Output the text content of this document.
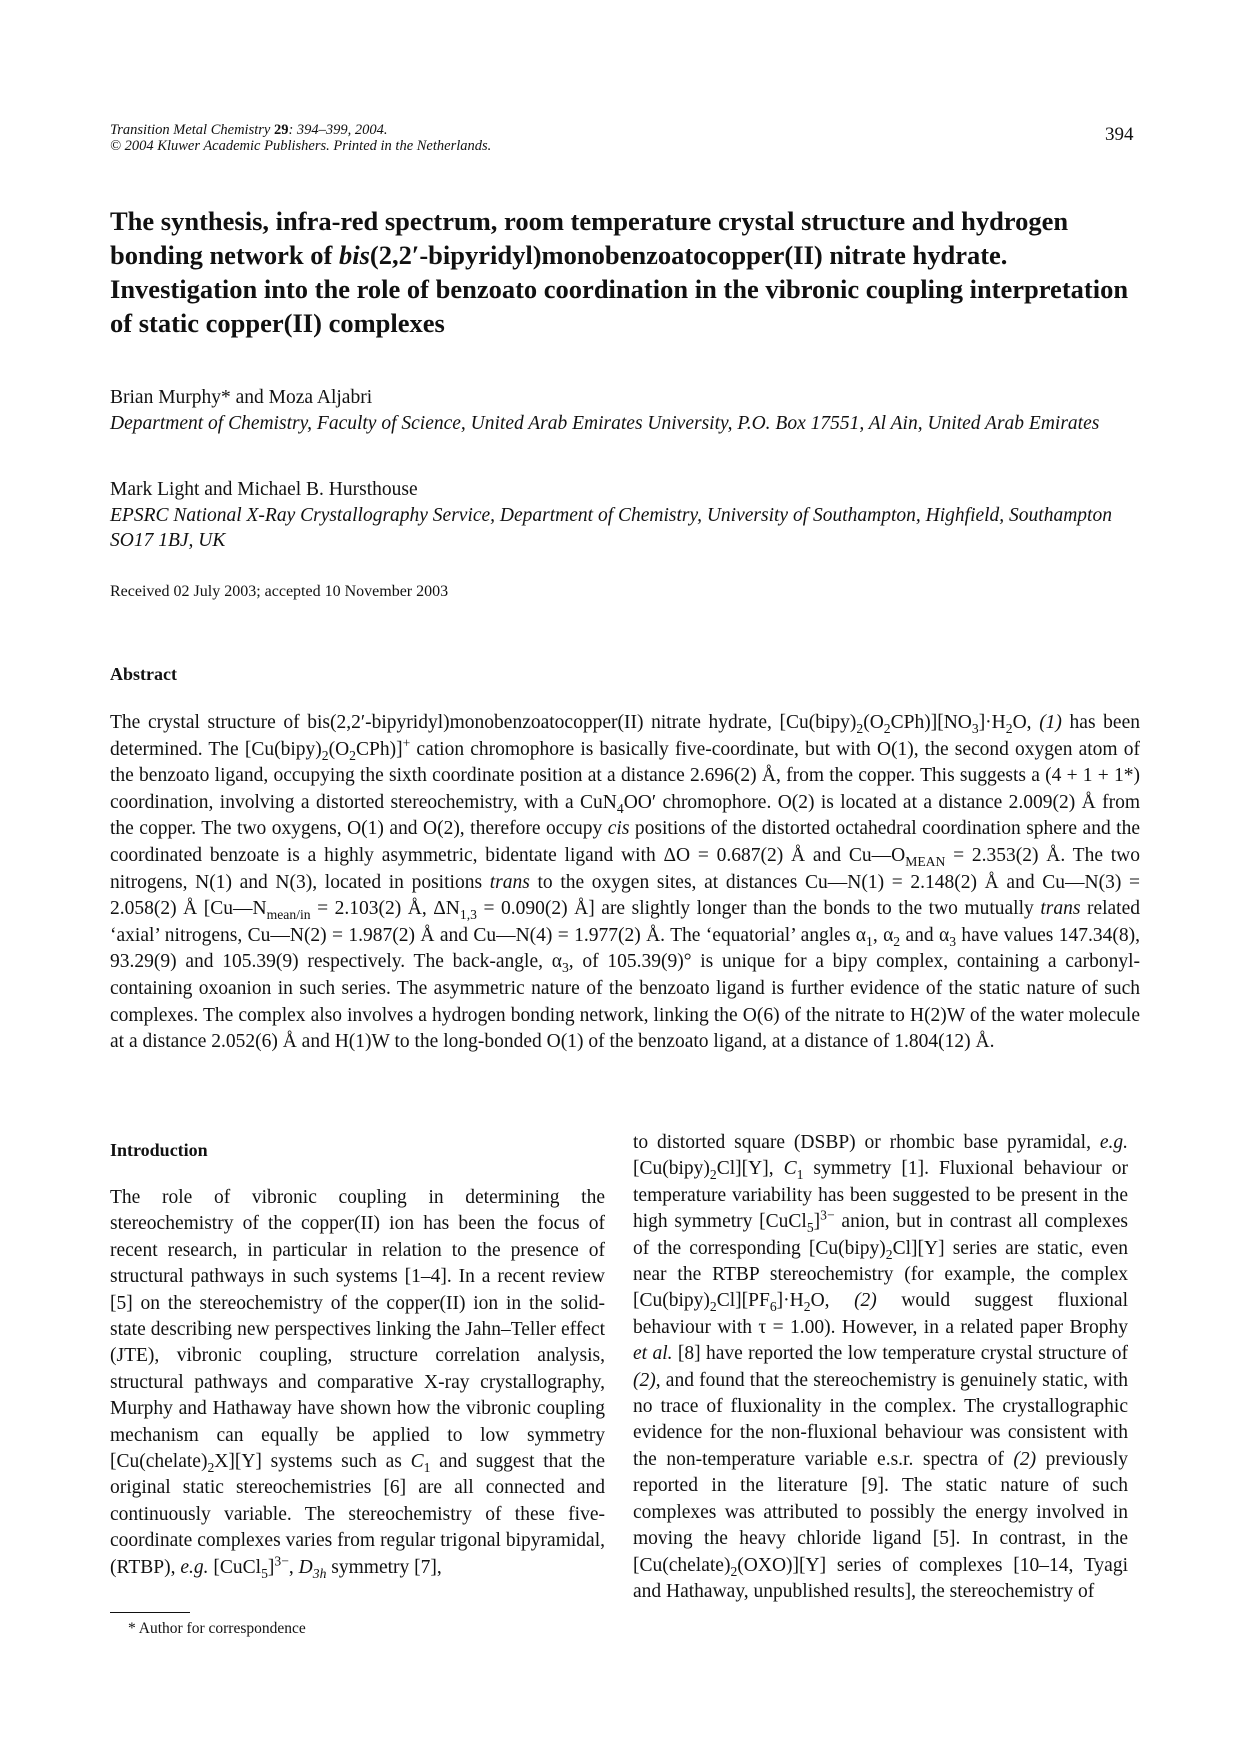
Transition Metal Chemistry 29: 394–399, 2004.
© 2004 Kluwer Academic Publishers. Printed in the Netherlands.
394
The synthesis, infra-red spectrum, room temperature crystal structure and hydrogen bonding network of bis(2,2′-bipyridyl)monobenzoatocopper(II) nitrate hydrate. Investigation into the role of benzoato coordination in the vibronic coupling interpretation of static copper(II) complexes
Brian Murphy* and Moza Aljabri
Department of Chemistry, Faculty of Science, United Arab Emirates University, P.O. Box 17551, Al Ain, United Arab Emirates
Mark Light and Michael B. Hursthouse
EPSRC National X-Ray Crystallography Service, Department of Chemistry, University of Southampton, Highfield, Southampton SO17 1BJ, UK
Received 02 July 2003; accepted 10 November 2003
Abstract
The crystal structure of bis(2,2′-bipyridyl)monobenzoatocopper(II) nitrate hydrate, $[Cu(bipy)_2(O_2CPh)][NO_3]\cdot H_2O$, (1) has been determined. The $[Cu(bipy)_2(O_2CPh)]^+$ cation chromophore is basically five-coordinate, but with O(1), the second oxygen atom of the benzoato ligand, occupying the sixth coordinate position at a distance 2.696(2) Å, from the copper. This suggests a (4 + 1 + 1*) coordination, involving a distorted stereochemistry, with a CuN$_4$OO′ chromophore. O(2) is located at a distance 2.009(2) Å from the copper. The two oxygens, O(1) and O(2), therefore occupy cis positions of the distorted octahedral coordination sphere and the coordinated benzoate is a highly asymmetric, bidentate ligand with ΔO = 0.687(2) Å and $Cu—O_{MEAN} = 2.353(2)$ Å. The two nitrogens, N(1) and N(3), located in positions trans to the oxygen sites, at distances Cu—N(1) = 2.148(2) Å and Cu—N(3) = 2.058(2) Å [$Cu—N_{mean/in} = 2.103(2)$ Å, $\Delta N_{1,3} = 0.090(2)$ Å] are slightly longer than the bonds to the two mutually trans related ‘axial’ nitrogens, Cu—N(2) = 1.987(2) Å and Cu—N(4) = 1.977(2) Å. The ‘equatorial’ angles $\alpha_1$, $\alpha_2$ and $\alpha_3$ have values 147.34(8), 93.29(9) and 105.39(9) respectively. The back-angle, $\alpha_3$, of 105.39(9)° is unique for a bipy complex, containing a carbonyl-containing oxoanion in such series. The asymmetric nature of the benzoato ligand is further evidence of the static nature of such complexes. The complex also involves a hydrogen bonding network, linking the O(6) of the nitrate to H(2)W of the water molecule at a distance 2.052(6) Å and H(1)W to the long-bonded O(1) of the benzoato ligand, at a distance of 1.804(12) Å.
Introduction
The role of vibronic coupling in determining the stereochemistry of the copper(II) ion has been the focus of recent research, in particular in relation to the presence of structural pathways in such systems [1–4]. In a recent review [5] on the stereochemistry of the copper(II) ion in the solid-state describing new perspectives linking the Jahn–Teller effect (JTE), vibronic coupling, structure correlation analysis, structural pathways and comparative X-ray crystallography, Murphy and Hathaway have shown how the vibronic coupling mechanism can equally be applied to low symmetry $[Cu(chelate)_2X][Y]$ systems such as $C_1$ and suggest that the original static stereochemistries [6] are all connected and continuously variable. The stereochemistry of these five-coordinate complexes varies from regular trigonal bipyramidal, (RTBP), e.g. [CuCl$_5$]$^{3-}$, $D_{3h}$ symmetry [7],
to distorted square (DSBP) or rhombic base pyramidal, e.g. $[Cu(bipy)_2Cl][Y]$, $C_1$ symmetry [1]. Fluxional behaviour or temperature variability has been suggested to be present in the high symmetry [CuCl$_5$]$^{3-}$ anion, but in contrast all complexes of the corresponding $[Cu(bipy)_2Cl][Y]$ series are static, even near the RTBP stereochemistry (for example, the complex $[Cu(bipy)_2Cl][PF_6]\cdot H_2O$, (2) would suggest fluxional behaviour with τ = 1.00). However, in a related paper Brophy et al. [8] have reported the low temperature crystal structure of (2), and found that the stereochemistry is genuinely static, with no trace of fluxionality in the complex. The crystallographic evidence for the non-fluxional behaviour was consistent with the non-temperature variable e.s.r. spectra of (2) previously reported in the literature [9]. The static nature of such complexes was attributed to possibly the energy involved in moving the heavy chloride ligand [5]. In contrast, in the $[Cu(chelate)_2(OXO)][Y]$ series of complexes [10–14, Tyagi and Hathaway, unpublished results], the stereochemistry of
* Author for correspondence
